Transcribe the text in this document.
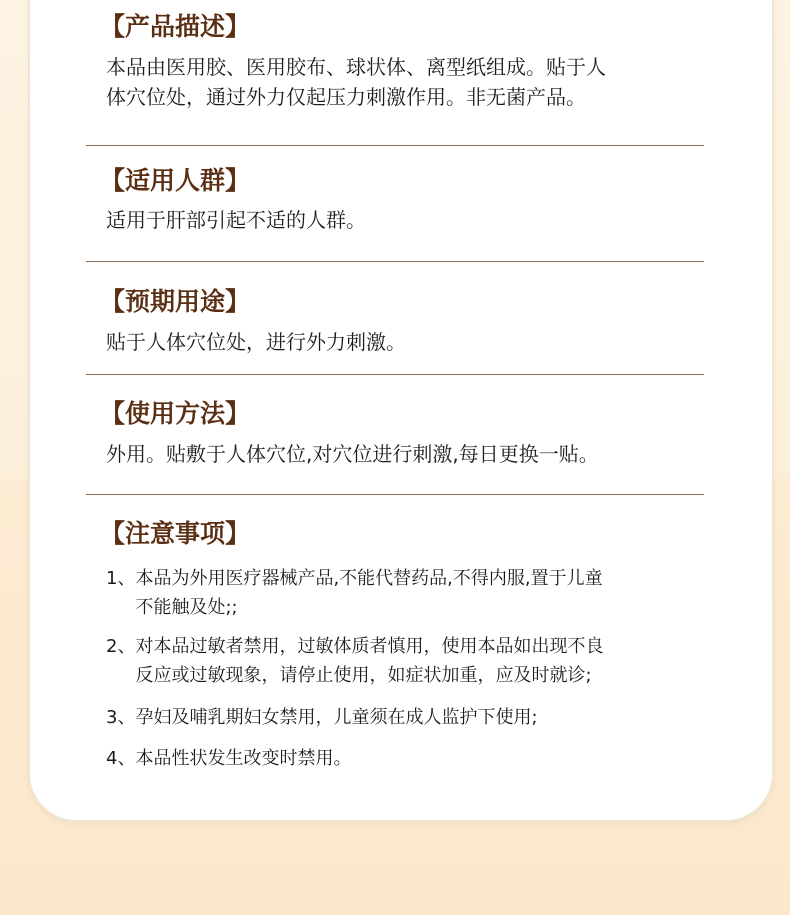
【产品描述】

本品由医用胶、医用胶布、球状体、离型纸组成。贴于人

体穴位处，通过外力仅起压力刺激作用。非无菌产品。

【适用人群】

适用于肝部引起不适的人群。

【预期用途】

贴于人体穴位处，进行外力刺激。

【使用方法】

外用。贴敷于人体穴位,对穴位进行刺激,每日更换一贴。

【注意事项】

1、 本品为外用医疗器械产品,不能代替药品,不得内服,置于儿童
不能触及处;;
2、 对本品过敏者禁用，过敏体质者慎用，使用本品如出现不良
反应或过敏现象，请停止使用，如症状加重，应及时就诊;
3、 孕妇及哺乳期妇女禁用，儿童须在成人监护下使用;
4、 本品性状发生改变时禁用。
